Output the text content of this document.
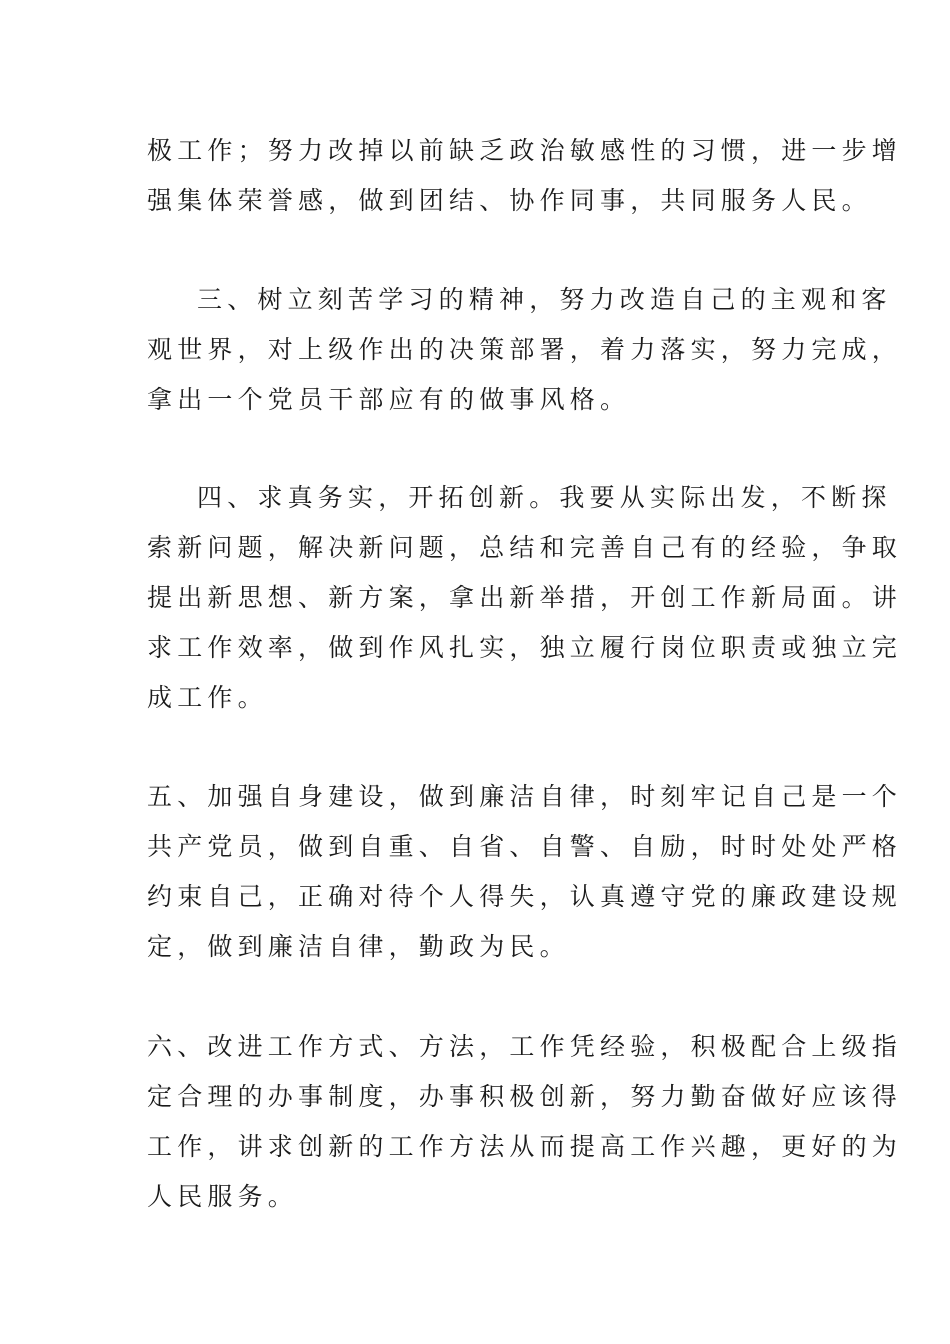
极工作；努力改掉以前缺乏政治敏感性的习惯，进一步增
强集体荣誉感，做到团结、协作同事，共同服务人民。
三、树立刻苦学习的精神，努力改造自己的主观和客
观世界，对上级作出的决策部署，着力落实，努力完成，
拿出一个党员干部应有的做事风格。
四、求真务实，开拓创新。我要从实际出发，不断探
索新问题，解决新问题，总结和完善自己有的经验，争取
提出新思想、新方案，拿出新举措，开创工作新局面。讲
求工作效率，做到作风扎实，独立履行岗位职责或独立完
成工作。
五、加强自身建设，做到廉洁自律，时刻牢记自己是一个
共产党员，做到自重、自省、自警、自励，时时处处严格
约束自己，正确对待个人得失，认真遵守党的廉政建设规
定，做到廉洁自律，勤政为民。
六、改进工作方式、方法，工作凭经验，积极配合上级指
定合理的办事制度，办事积极创新，努力勤奋做好应该得
工作，讲求创新的工作方法从而提高工作兴趣，更好的为
人民服务。
